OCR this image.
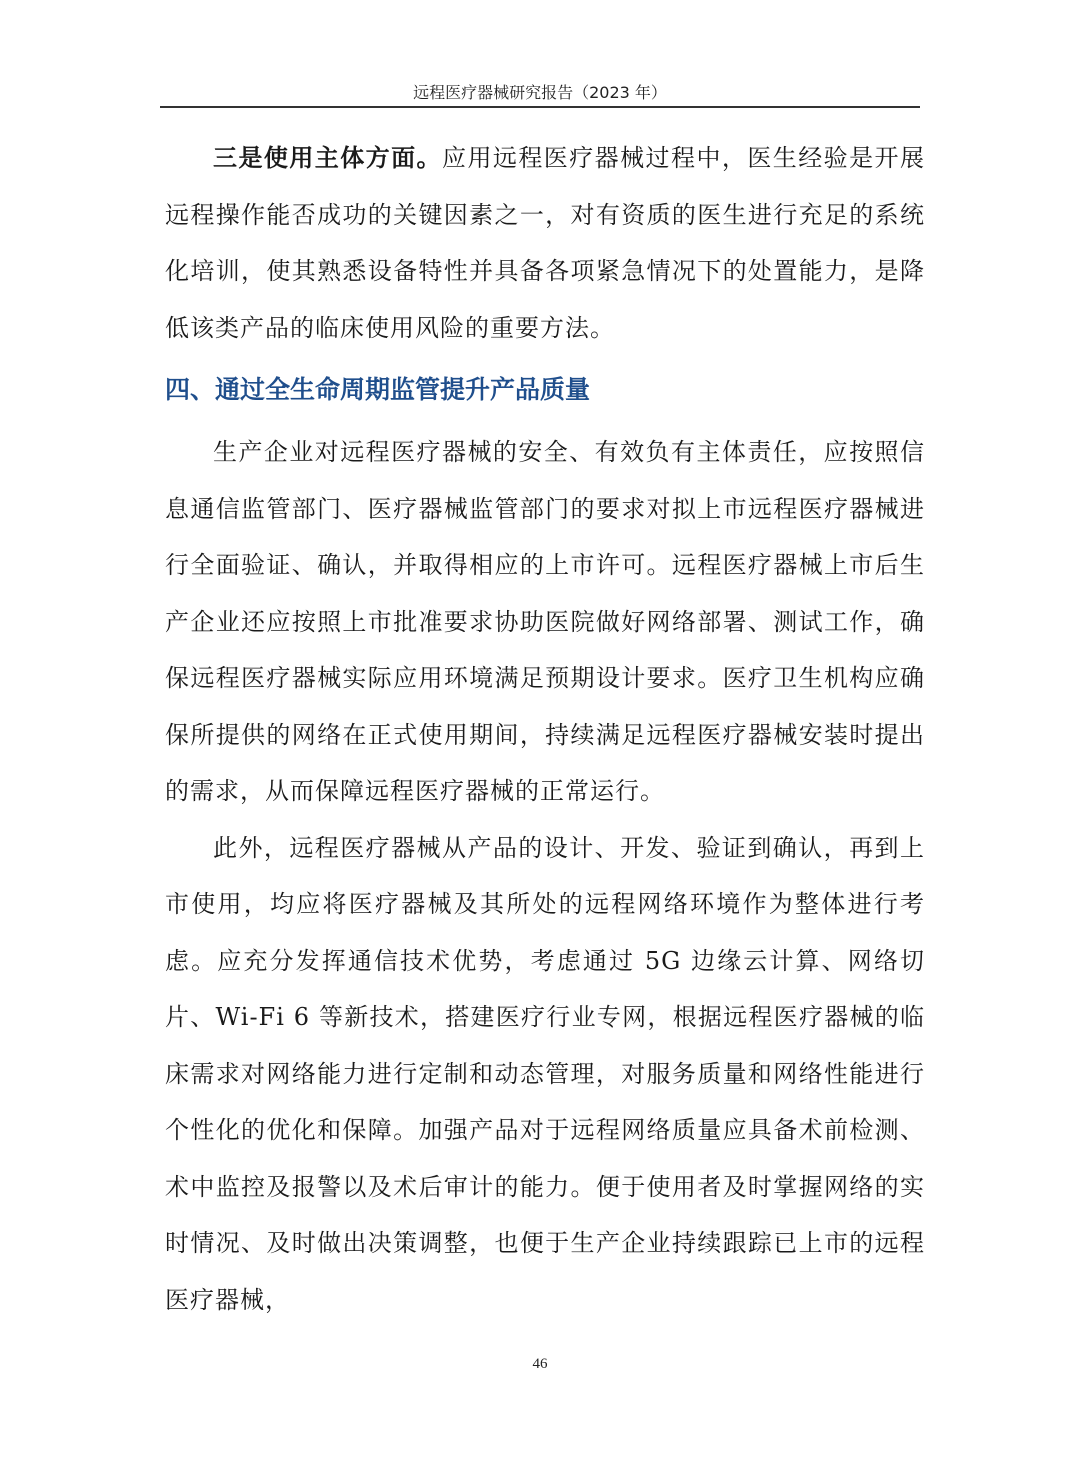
远程医疗器械研究报告（2023 年）

三是使用主体方面。应用远程医疗器械过程中，医生经验是开展远程操作能否成功的关键因素之一，对有资质的医生进行充足的系统化培训，使其熟悉设备特性并具备各项紧急情况下的处置能力，是降低该类产品的临床使用风险的重要方法。

四、通过全生命周期监管提升产品质量

生产企业对远程医疗器械的安全、有效负有主体责任，应按照信息通信监管部门、医疗器械监管部门的要求对拟上市远程医疗器械进行全面验证、确认，并取得相应的上市许可。远程医疗器械上市后生产企业还应按照上市批准要求协助医院做好网络部署、测试工作，确保远程医疗器械实际应用环境满足预期设计要求。医疗卫生机构应确保所提供的网络在正式使用期间，持续满足远程医疗器械安装时提出的需求，从而保障远程医疗器械的正常运行。

此外，远程医疗器械从产品的设计、开发、验证到确认，再到上市使用，均应将医疗器械及其所处的远程网络环境作为整体进行考虑。应充分发挥通信技术优势，考虑通过 5G 边缘云计算、网络切片、Wi-Fi 6 等新技术，搭建医疗行业专网，根据远程医疗器械的临床需求对网络能力进行定制和动态管理，对服务质量和网络性能进行个性化的优化和保障。加强产品对于远程网络质量应具备术前检测、术中监控及报警以及术后审计的能力。便于使用者及时掌握网络的实时情况、及时做出决策调整，也便于生产企业持续跟踪已上市的远程医疗器械，

46
